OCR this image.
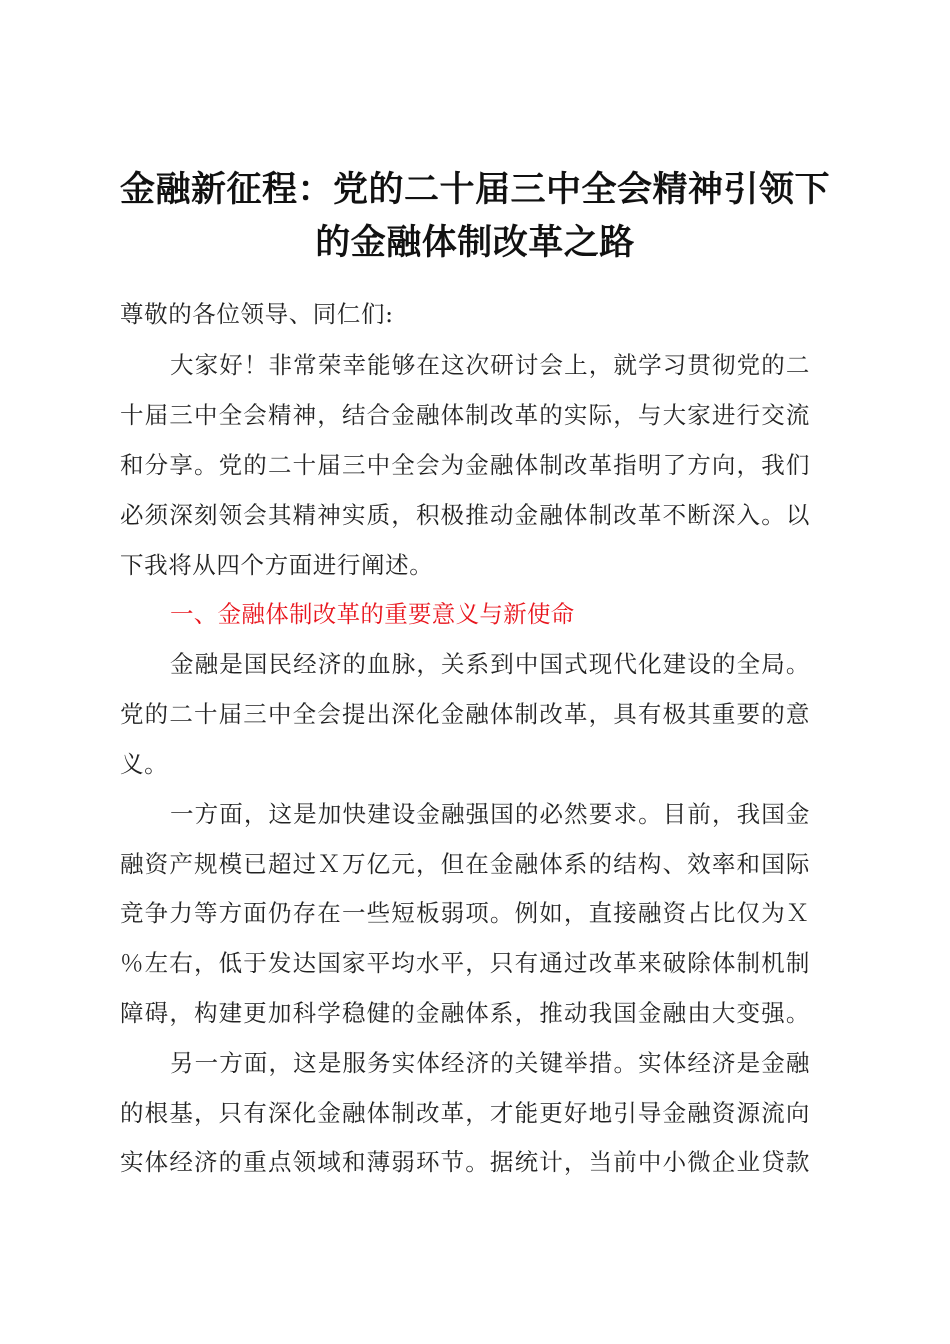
金融新征程：党的二十届三中全会精神引领下
的金融体制改革之路
尊敬的各位领导、同仁们:
大家好！非常荣幸能够在这次研讨会上，就学习贯彻党的二
十届三中全会精神，结合金融体制改革的实际，与大家进行交流
和分享。党的二十届三中全会为金融体制改革指明了方向，我们
必须深刻领会其精神实质，积极推动金融体制改革不断深入。以
下我将从四个方面进行阐述。
一、金融体制改革的重要意义与新使命
金融是国民经济的血脉，关系到中国式现代化建设的全局。
党的二十届三中全会提出深化金融体制改革，具有极其重要的意
义。
一方面，这是加快建设金融强国的必然要求。目前，我国金
融资产规模已超过Ｘ万亿元，但在金融体系的结构、效率和国际
竞争力等方面仍存在一些短板弱项。例如，直接融资占比仅为Ｘ
％左右，低于发达国家平均水平，只有通过改革来破除体制机制
障碍，构建更加科学稳健的金融体系，推动我国金融由大变强。
另一方面，这是服务实体经济的关键举措。实体经济是金融
的根基，只有深化金融体制改革，才能更好地引导金融资源流向
实体经济的重点领域和薄弱环节。据统计，当前中小微企业贷款
